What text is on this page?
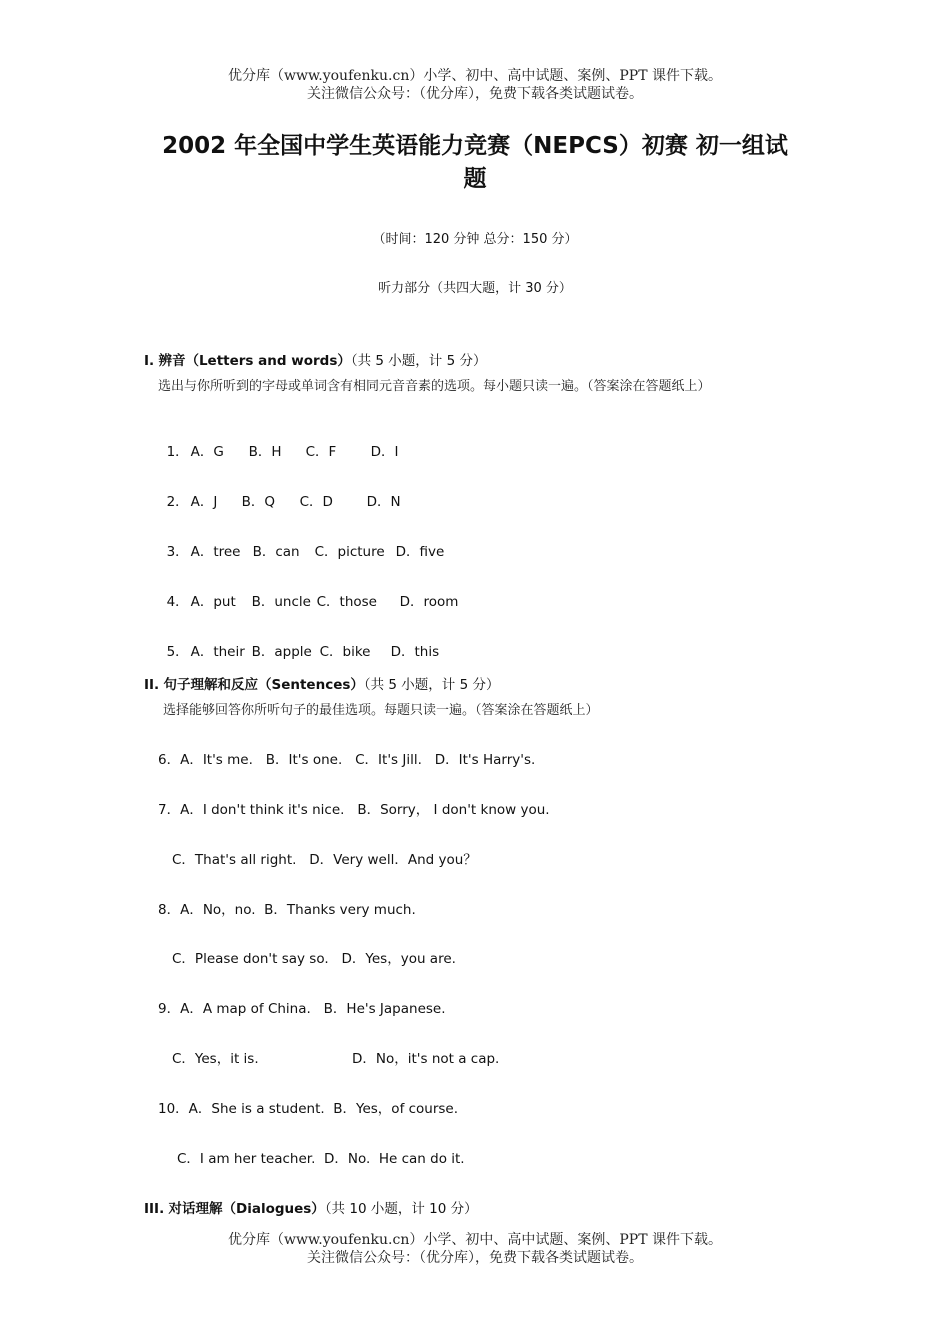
优分库（www.youfenku.cn）小学、初中、高中试题、案例、PPT 课件下载。
关注微信公众号：（优分库），免费下载各类试题试卷。
2002 年全国中学生英语能力竞赛（NEPCS）初赛 初一组试
题
（时间：120 分钟 总分：150 分）
听力部分（共四大题，计 30 分）
I. 辨音（Letters and words）（共 5 小题，计 5 分）
选出与你所听到的字母或单词含有相同元音音素的选项。每小题只读一遍。（答案涂在答题纸上）

1． A．G B．H C．F	D．I

2． A．J B．Q C．D D．N

3． A．tree B．can C．picture D．five

4． A．put B．uncle C．those D．room

5． A．their B．apple C．bike D．this

II. 句子理解和反应（Sentences）（共 5 小题，计 5 分）
选择能够回答你所听句子的最佳选项。每题只读一遍。（答案涂在答题纸上）
6．A．It's me.   B．It's one.   C．It's Jill.   D．It's Harry's.
7．A．I don't think it's nice.   B．Sorry， I don't know you.
C．That's all right.   D．Very well．And you？
8．A．No，no.  B．Thanks very much.
C．Please don't say so.   D．Yes，you are.
9．A．A map of China.   B．He's Japanese.
C．Yes，it is.	D．No，it's not a cap.
10．A．She is a student.  B．Yes，of course.
C．I am her teacher.  D．No.  He can do it.
III. 对话理解（Dialogues）（共 10 小题，计 10 分）
优分库（www.youfenku.cn）小学、初中、高中试题、案例、PPT 课件下载。
关注微信公众号：（优分库），免费下载各类试题试卷。
